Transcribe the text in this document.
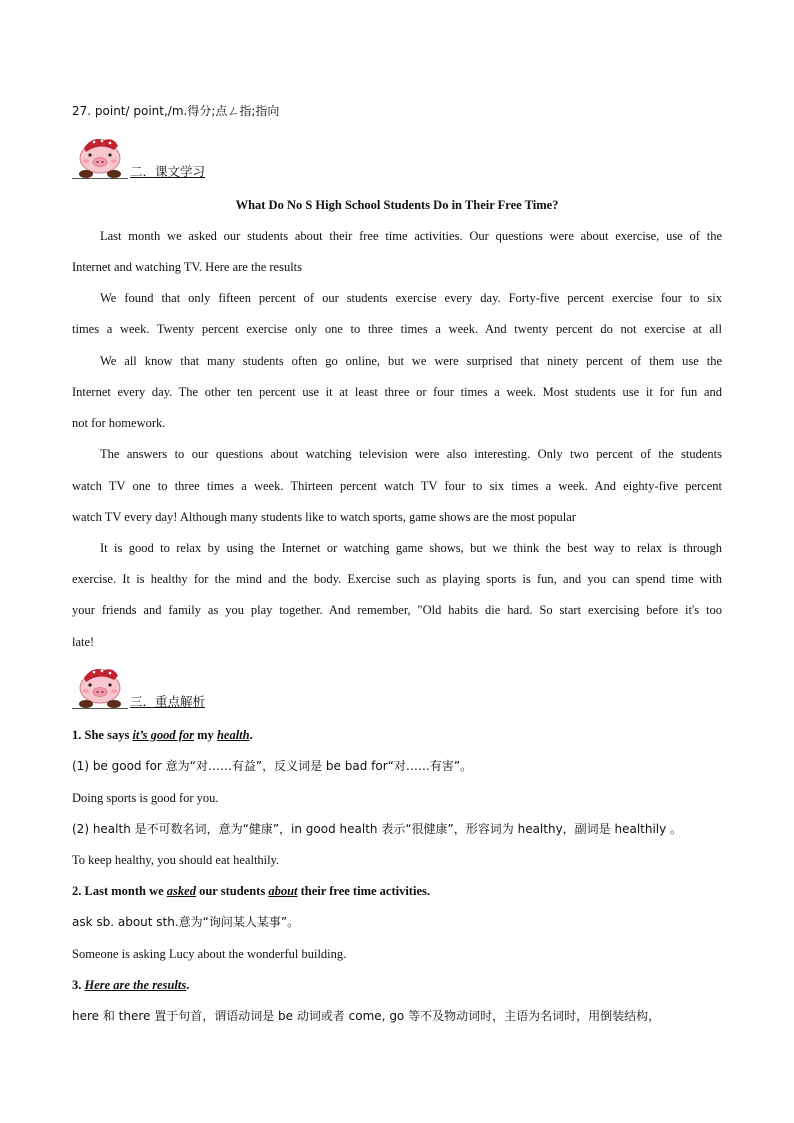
27. point/ point,/m.得分;点ㄥ指;指向
二．课文学习
What Do No S High School Students Do in Their Free Time?
Last month we asked our students about their free time activities. Our questions were about exercise, use of the
Internet and watching TV. Here are the results
We found that only fifteen percent of our students exercise every day. Forty-five percent exercise four to six
times a week. Twenty percent exercise only one to three times a week. And twenty percent do not exercise at all
We all know that many students often go online, but we were surprised that ninety percent of them use the
Internet every day. The other ten percent use it at least three or four times a week. Most students use it for fun and
not for homework.
The answers to our questions about watching television were also interesting. Only two percent of the students
watch TV one to three times a week. Thirteen percent watch TV four to six times a week. And eighty-five percent
watch TV every day! Although many students like to watch sports, game shows are the most popular
It is good to relax by using the Internet or watching game shows, but we think the best way to relax is through
exercise. It is healthy for the mind and the body. Exercise such as playing sports is fun, and you can spend time with
your friends and family as you play together. And remember, "Old habits die hard. So start exercising before it's too
late!
三．重点解析
1. She says it’s good for my health.
(1) be good for 意为“对……有益”，反义词是 be bad for“对……有害”。
Doing sports is good for you.
(2) health 是不可数名词，意为“健康”，in good health 表示“很健康”，形容词为 healthy，副词是 healthily 。
To keep healthy, you should eat healthily.
2. Last month we asked our students about their free time activities.
ask sb. about sth.意为“询问某人某事”。
Someone is asking Lucy about the wonderful building.
3. Here are the results.
here 和 there 置于句首，谓语动词是 be 动词或者 come, go 等不及物动词时，主语为名词时，用倒装结构，
